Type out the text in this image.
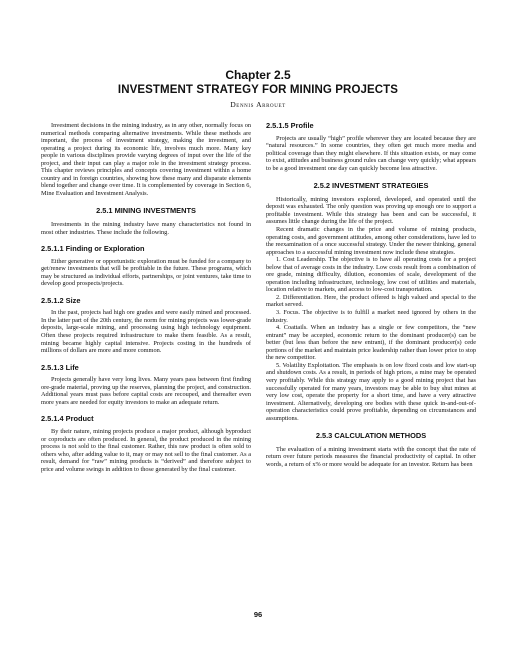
Chapter 2.5
INVESTMENT STRATEGY FOR MINING PROJECTS
Dennis Arrouet

Investment decisions in the mining industry, as in any other, normally focus on numerical methods comparing alternative investments. While these methods are important, the process of investment strategy, making the investment, and operating a project during its economic life, involves much more. Many key people in various disciplines provide varying degrees of input over the life of the project, and their input can play a major role in the investment strategy process. This chapter reviews principles and concepts covering investment within a home country and in foreign countries, showing how these many and disparate elements blend together and change over time. It is complemented by coverage in Section 6, Mine Evaluation and Investment Analysis.

2.5.1 MINING INVESTMENTS

Investments in the mining industry have many characteristics not found in most other industries. These include the following.

2.5.1.1 Finding or Exploration

Either generative or opportunistic exploration must be funded for a company to get/renew investments that will be profitable in the future. These programs, which may be structured as individual efforts, partnerships, or joint ventures, take time to develop good prospects/projects.

2.5.1.2 Size

In the past, projects had high ore grades and were easily mined and processed. In the latter part of the 20th century, the norm for mining projects was lower-grade deposits, large-scale mining, and processing using high technology equipment. Often these projects required infrastructure to make them feasible. As a result, mining became highly capital intensive. Projects costing in the hundreds of millions of dollars are more and more common.

2.5.1.3 Life

Projects generally have very long lives. Many years pass between first finding ore-grade material, proving up the reserves, planning the project, and construction. Additional years must pass before capital costs are recouped, and thereafter even more years are needed for equity investors to make an adequate return.

2.5.1.4 Product

By their nature, mining projects produce a major product, although byproduct or coproducts are often produced. In general, the product produced in the mining process is not sold to the final customer. Rather, this raw product is often sold to others who, after adding value to it, may or may not sell to the final customer. As a result, demand for “raw” mining products is “derived” and therefore subject to price and volume swings in addition to those generated by the final customer.

2.5.1.5 Profile

Projects are usually “high” profile wherever they are located because they are “natural resources.” In some countries, they often get much more media and political coverage than they might elsewhere. If this situation exists, or may come to exist, attitudes and business ground rules can change very quickly; what appears to be a good investment one day can quickly become less attractive.

2.5.2 INVESTMENT STRATEGIES

Historically, mining investors explored, developed, and operated until the deposit was exhausted. The only question was proving up enough ore to support a profitable investment. While this strategy has been and can be successful, it assumes little change during the life of the project.

Recent dramatic changes in the price and volume of mining products, operating costs, and government attitudes, among other considerations, have led to the reexamination of a once successful strategy. Under the newer thinking, general approaches to a successful mining investment now include these strategies.

1. Cost Leadership. The objective is to have all operating costs for a project below that of average costs in the industry. Low costs result from a combination of ore grade, mining difficulty, dilution, economies of scale, development of the operation including infrastructure, technology, low cost of utilities and materials, location relative to markets, and access to low-cost transportation.

2. Differentiation. Here, the product offered is high valued and special to the market served.

3. Focus. The objective is to fulfill a market need ignored by others in the industry.

4. Coattails. When an industry has a single or few competitors, the “new entrant” may be accepted, economic return to the dominant producer(s) can be better (but less than before the new entrant), if the dominant producer(s) cede portions of the market and maintain price leadership rather than lower price to stop the new competitor.

5. Volatility Exploitation. The emphasis is on low fixed costs and low start-up and shutdown costs. As a result, in periods of high prices, a mine may be operated very profitably. While this strategy may apply to a good mining project that has successfully operated for many years, investors may be able to buy shut mines at very low cost, operate the property for a short time, and have a very attractive investment. Alternatively, developing ore bodies with these quick in-and-out-of-operation characteristics could prove profitable, depending on circumstances and assumptions.

2.5.3 CALCULATION METHODS

The evaluation of a mining investment starts with the concept that the rate of return over future periods measures the financial productivity of capital. In other words, a return of x% or more would be adequate for an investor. Return has been

96
